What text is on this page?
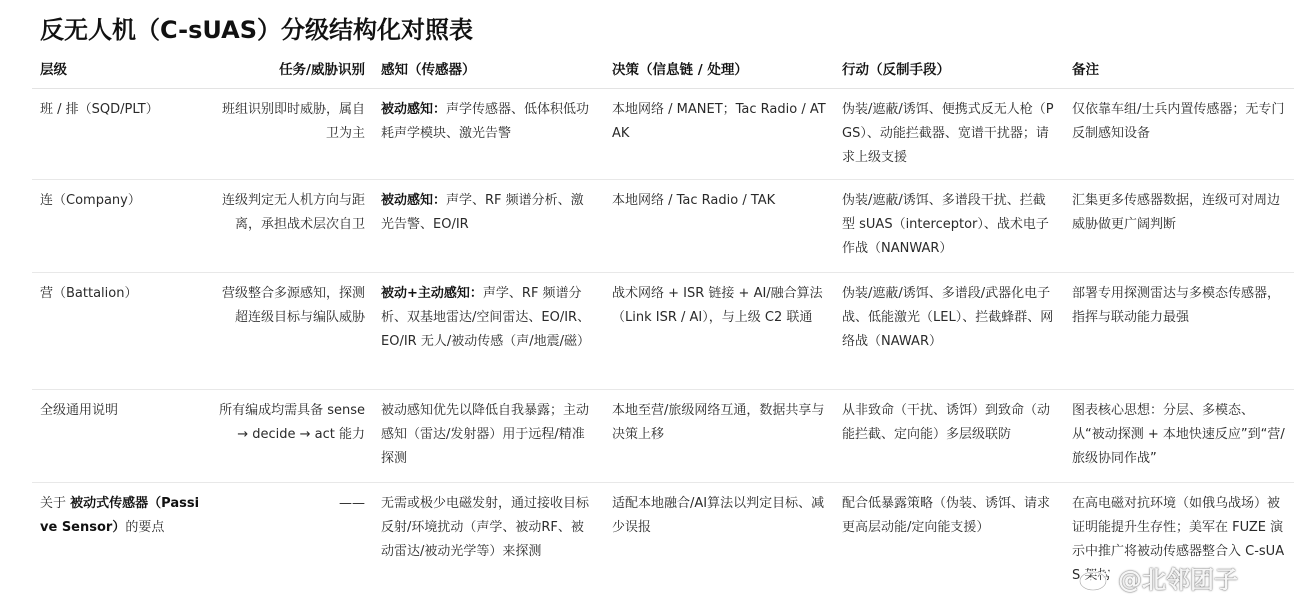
反无人机（C-sUAS）分级结构化对照表
层级	任务/威胁识别	感知（传感器）	决策（信息链 / 处理）	行动（反制手段）	备注
班 / 排（SQD/PLT）	班组识别即时威胁，属自卫为主	被动感知：声学传感器、低体积低功耗声学模块、激光告警	本地网络 / MANET；Tac Radio / ATAK	伪装/遮蔽/诱饵、便携式反无人枪（PGS）、动能拦截器、宽谱干扰器；请求上级支援	仅依靠车组/士兵内置传感器；无专门反制感知设备
连（Company）	连级判定无人机方向与距离，承担战术层次自卫	被动感知：声学、RF 频谱分析、激光告警、EO/IR	本地网络 / Tac Radio / TAK	伪装/遮蔽/诱饵、多谱段干扰、拦截型 sUAS（interceptor）、战术电子作战（NANWAR）	汇集更多传感器数据，连级可对周边威胁做更广阔判断
营（Battalion）	营级整合多源感知，探测超连级目标与编队威胁	被动+主动感知：声学、RF 频谱分析、双基地雷达/空间雷达、EO/IR、EO/IR 无人/被动传感（声/地震/磁）	战术网络 + ISR 链接 + AI/融合算法（Link ISR / AI），与上级 C2 联通	伪装/遮蔽/诱饵、多谱段/武器化电子战、低能激光（LEL）、拦截蜂群、网络战（NAWAR）	部署专用探测雷达与多模态传感器，指挥与联动能力最强
全级通用说明	所有编成均需具备 sense → decide → act 能力	被动感知优先以降低自我暴露；主动感知（雷达/发射器）用于远程/精准探测	本地至营/旅级网络互通，数据共享与决策上移	从非致命（干扰、诱饵）到致命（动能拦截、定向能）多层级联防	图表核心思想：分层、多模态、从“被动探测 + 本地快速反应”到“营/旅级协同作战”
关于 被动式传感器（Passive Sensor）的要点	——	无需或极少电磁发射，通过接收目标反射/环境扰动（声学、被动RF、被动雷达/被动光学等）来探测	适配本地融合/AI算法以判定目标、减少误报	配合低暴露策略（伪装、诱饵、请求更高层动能/定向能支援）	在高电磁对抗环境（如俄乌战场）被证明能提升生存性；美军在 FUZE 演示中推广将被动传感器整合入 C-sUAS 架构 @北邻团子
